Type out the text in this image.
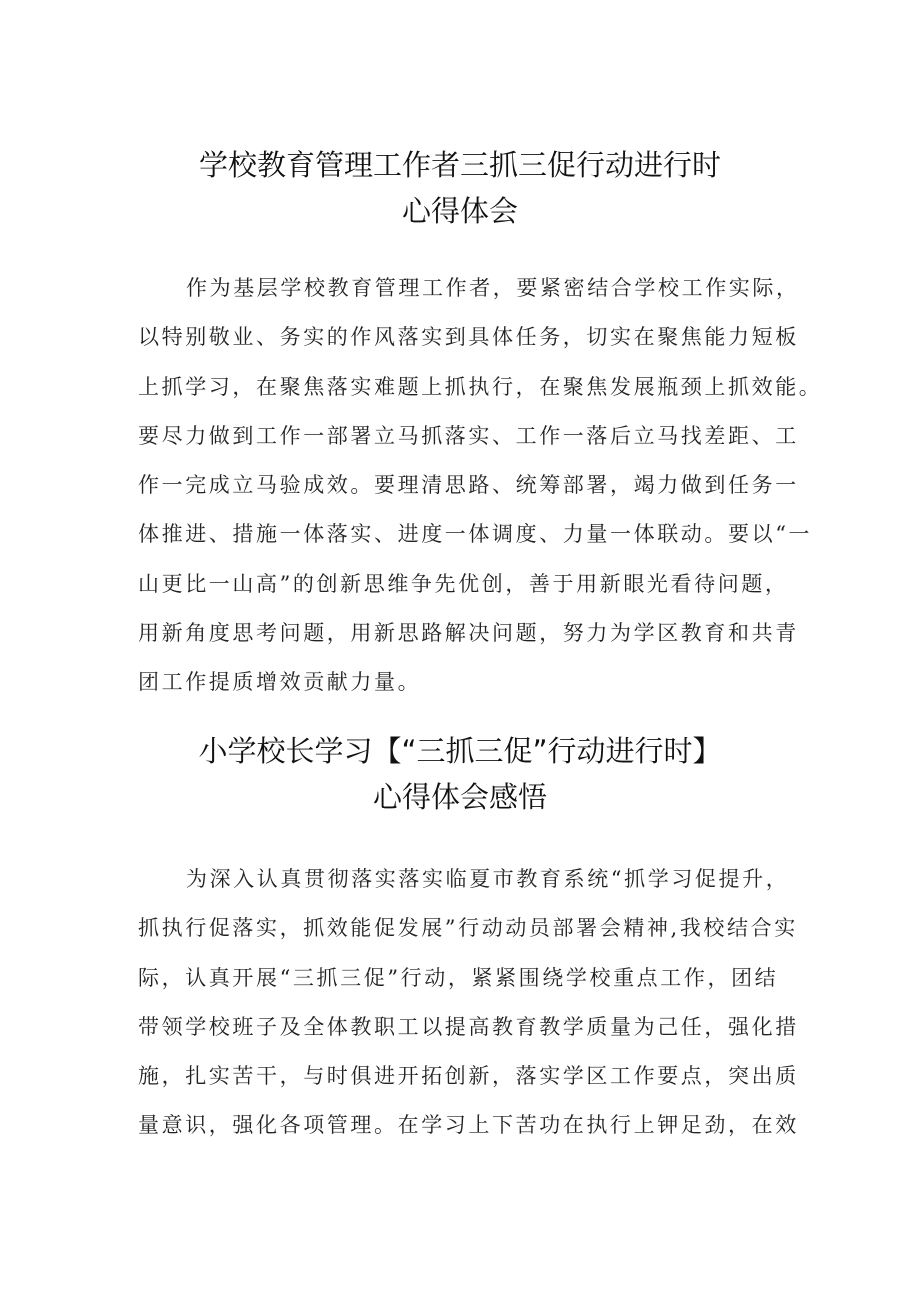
学校教育管理工作者三抓三促行动进行时
心得体会
作为基层学校教育管理工作者，要紧密结合学校工作实际，
以特别敬业、务实的作风落实到具体任务，切实在聚焦能力短板
上抓学习，在聚焦落实难题上抓执行，在聚焦发展瓶颈上抓效能。
要尽力做到工作一部署立马抓落实、工作一落后立马找差距、工
作一完成立马验成效。要理清思路、统筹部署，竭力做到任务一
体推进、措施一体落实、进度一体调度、力量一体联动。要以“一
山更比一山高”的创新思维争先优创，善于用新眼光看待问题，
用新角度思考问题，用新思路解决问题，努力为学区教育和共青
团工作提质增效贡献力量。
小学校长学习【“三抓三促”行动进行时】
心得体会感悟
为深入认真贯彻落实落实临夏市教育系统“抓学习促提升，
抓执行促落实，抓效能促发展”行动动员部署会精神,我校结合实
际，认真开展“三抓三促”行动，紧紧围绕学校重点工作，团结
带领学校班子及全体教职工以提高教育教学质量为己任，强化措
施，扎实苦干，与时俱进开拓创新，落实学区工作要点，突出质
量意识，强化各项管理。在学习上下苦功在执行上钾足劲，在效
